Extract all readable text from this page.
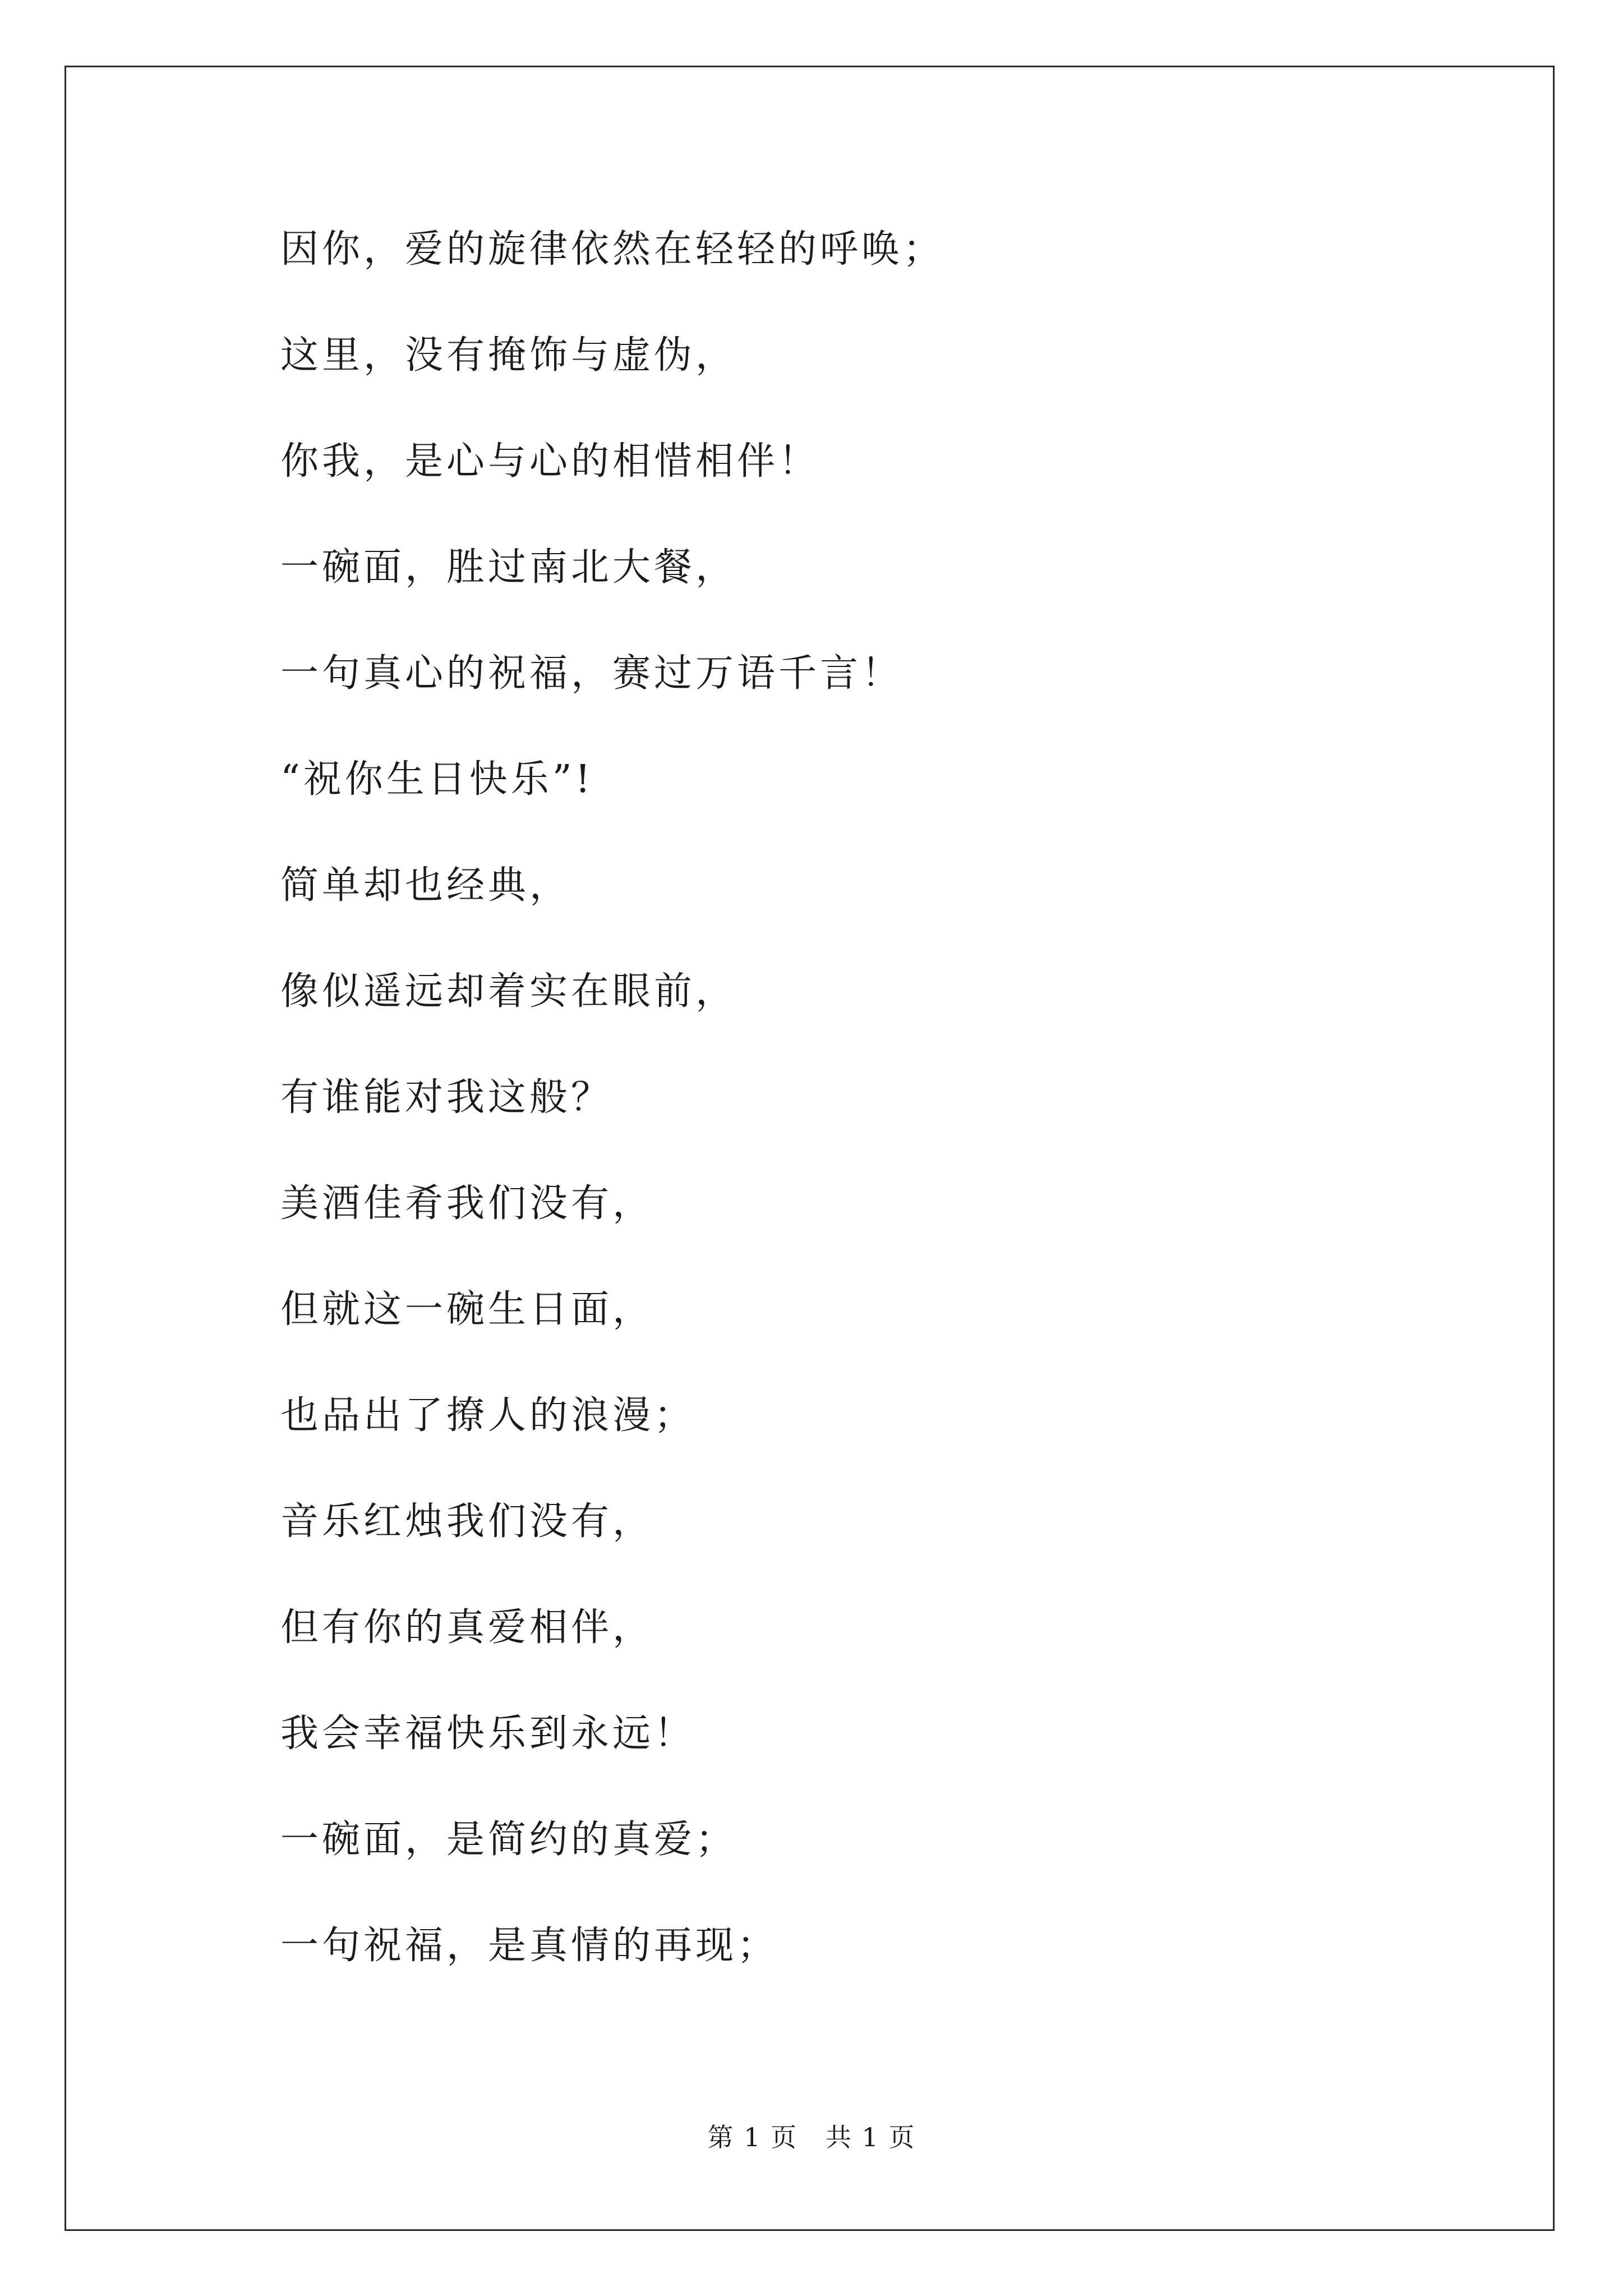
因你，爱的旋律依然在轻轻的呼唤；
这里，没有掩饰与虚伪，
你我，是心与心的相惜相伴！
一碗面，胜过南北大餐，
一句真心的祝福，赛过万语千言！
“祝你生日快乐”!
简单却也经典，
像似遥远却着实在眼前，
有谁能对我这般？
美酒佳肴我们没有，
但就这一碗生日面，
也品出了撩人的浪漫；
音乐红烛我们没有，
但有你的真爱相伴，
我会幸福快乐到永远！
一碗面，是简约的真爱；
一句祝福，是真情的再现；
第 1 页 共 1 页
